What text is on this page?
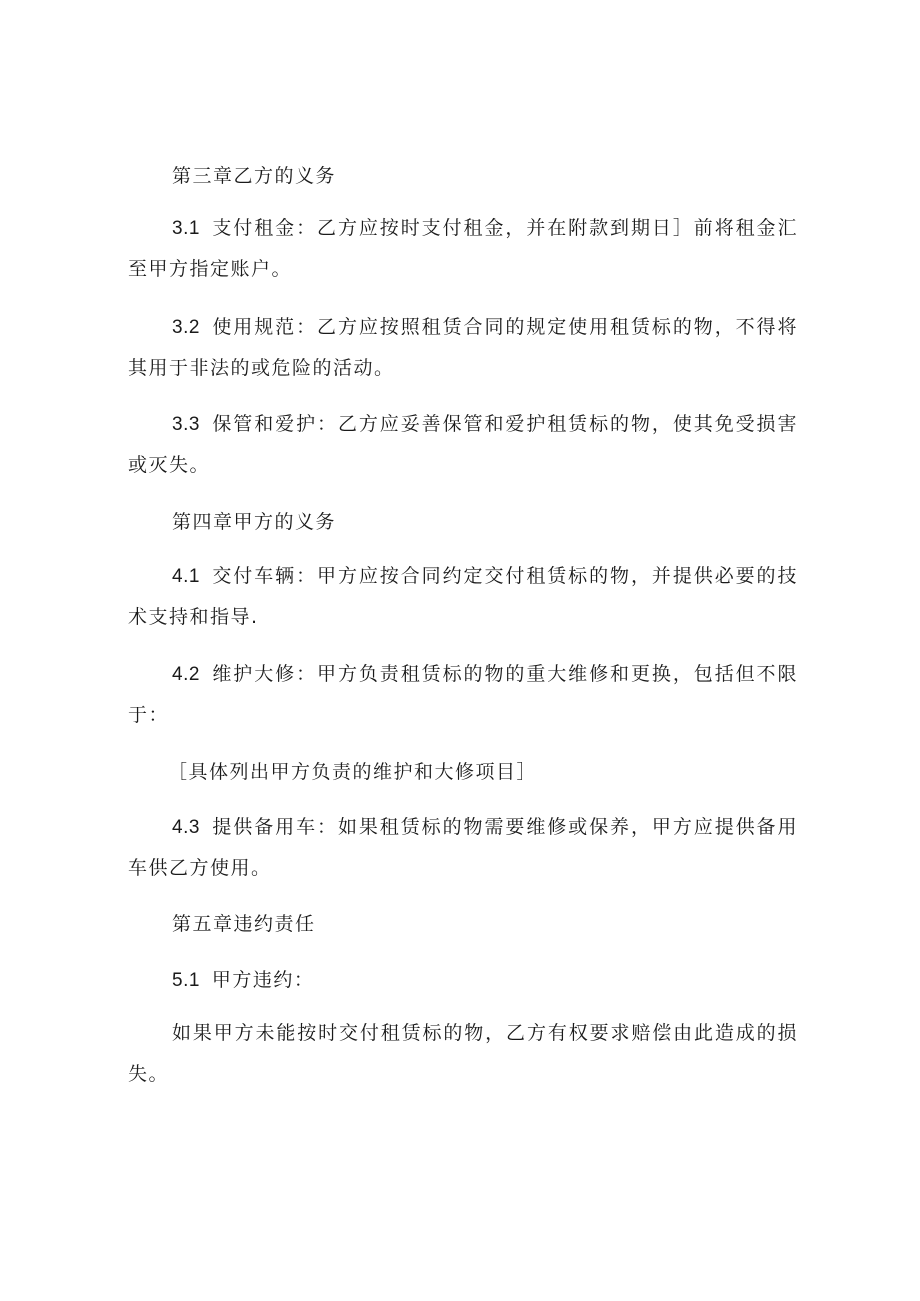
第三章乙方的义务
3.1 支付租金：乙方应按时支付租金，并在附款到期日］前将租金汇至甲方指定账户。
3.2 使用规范：乙方应按照租赁合同的规定使用租赁标的物，不得将其用于非法的或危险的活动。
3.3 保管和爱护：乙方应妥善保管和爱护租赁标的物，使其免受损害或灭失。
第四章甲方的义务
4.1 交付车辆：甲方应按合同约定交付租赁标的物，并提供必要的技术支持和指导.
4.2 维护大修：甲方负责租赁标的物的重大维修和更换，包括但不限于：
［具体列出甲方负责的维护和大修项目］
4.3 提供备用车：如果租赁标的物需要维修或保养，甲方应提供备用车供乙方使用。
第五章违约责任
5.1 甲方违约：
如果甲方未能按时交付租赁标的物，乙方有权要求赔偿由此造成的损失。
